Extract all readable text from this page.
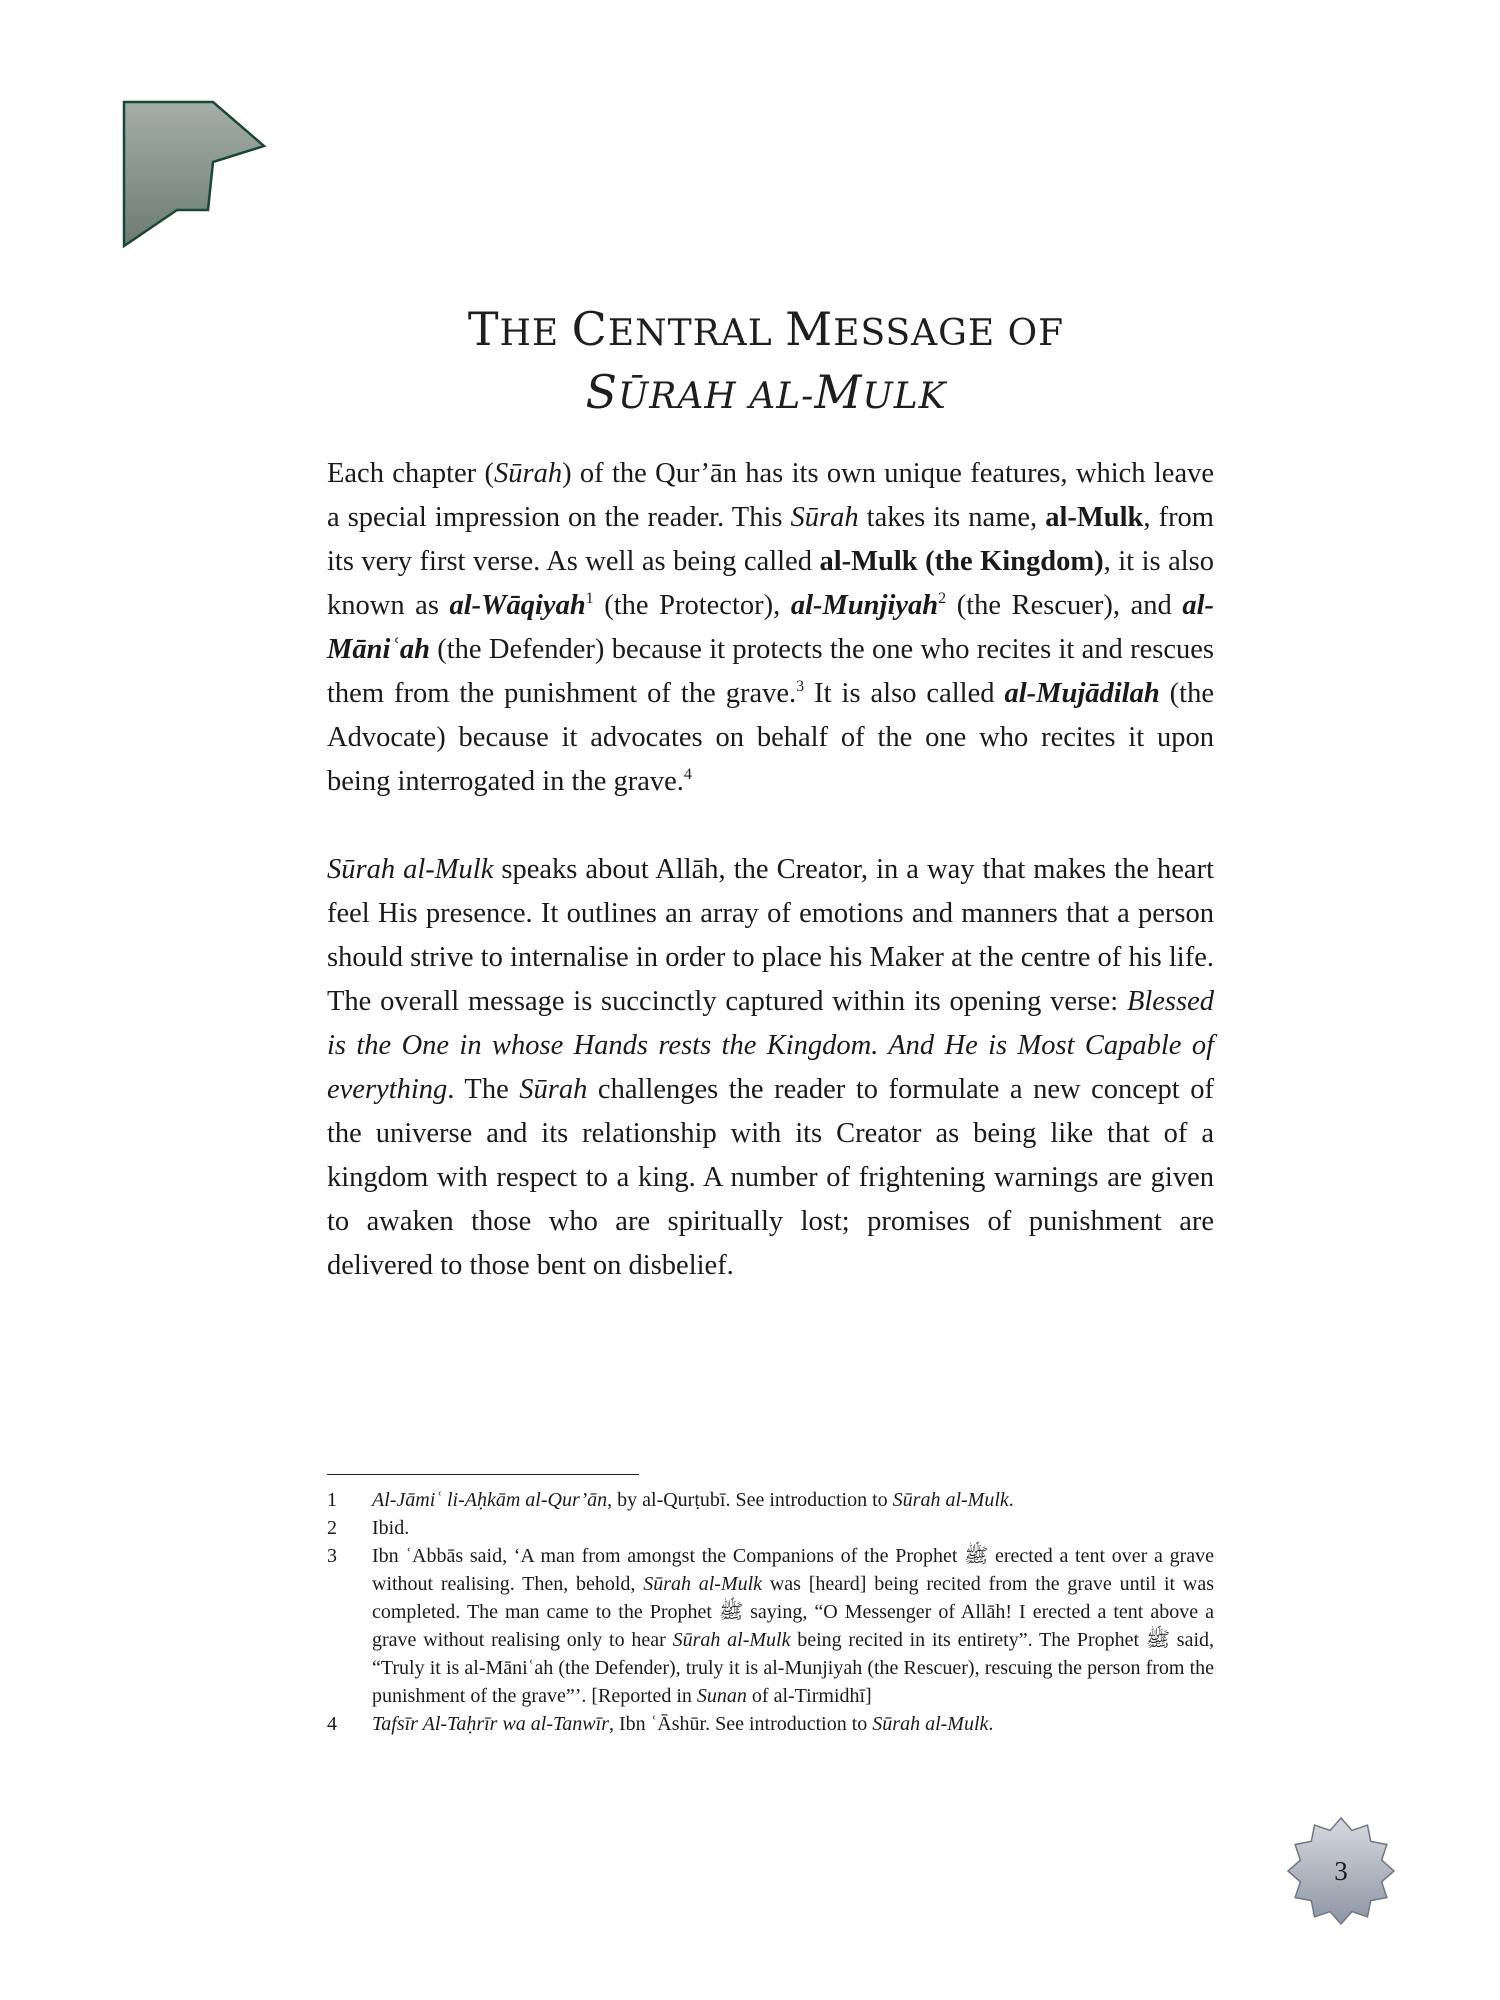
THE CENTRAL MESSAGE OF
SŪRAH AL-MULK

Each chapter (Sūrah) of the Qur’ān has its own unique features, which leave a special impression on the reader. This Sūrah takes its name, al-Mulk, from its very first verse. As well as being called al-Mulk (the Kingdom), it is also known as al-Wāqiyah$^1$ (the Protector), al-Munjiyah$^2$ (the Rescuer), and al-Māniʿah (the Defender) because it protects the one who recites it and rescues them from the punishment of the grave.$^3$ It is also called al-Mujādilah (the Advocate) because it advocates on behalf of the one who recites it upon being interrogated in the grave.$^4$

Sūrah al-Mulk speaks about Allāh, the Creator, in a way that makes the heart feel His presence. It outlines an array of emotions and manners that a person should strive to internalise in order to place his Maker at the centre of his life. The overall message is succinctly captured within its opening verse: Blessed is the One in whose Hands rests the Kingdom. And He is Most Capable of everything. The Sūrah challenges the reader to formulate a new concept of the universe and its relationship with its Creator as being like that of a kingdom with respect to a king. A number of frightening warnings are given to awaken those who are spiritually lost; promises of punishment are delivered to those bent on disbelief.

1	Al-Jāmiʿ li-Aḥkām al-Qur’ān, by al-Qurṭubī. See introduction to Sūrah al-Mulk.
2	Ibid.
3	Ibn ʿAbbās said, ‘A man from amongst the Companions of the Prophet ﷺ erected a tent over a grave without realising. Then, behold, Sūrah al-Mulk was [heard] being recited from the grave until it was completed. The man came to the Prophet ﷺ saying, “O Messenger of Allāh! I erected a tent above a grave without realising only to hear Sūrah al-Mulk being recited in its entirety”. The Prophet ﷺ said, “Truly it is al-Māniʿah (the Defender), truly it is al-Munjiyah (the Rescuer), rescuing the person from the punishment of the grave”’. [Reported in Sunan of al-Tirmidhī]
4	Tafsīr Al-Taḥrīr wa al-Tanwīr, Ibn ʿĀshūr. See introduction to Sūrah al-Mulk.
3
